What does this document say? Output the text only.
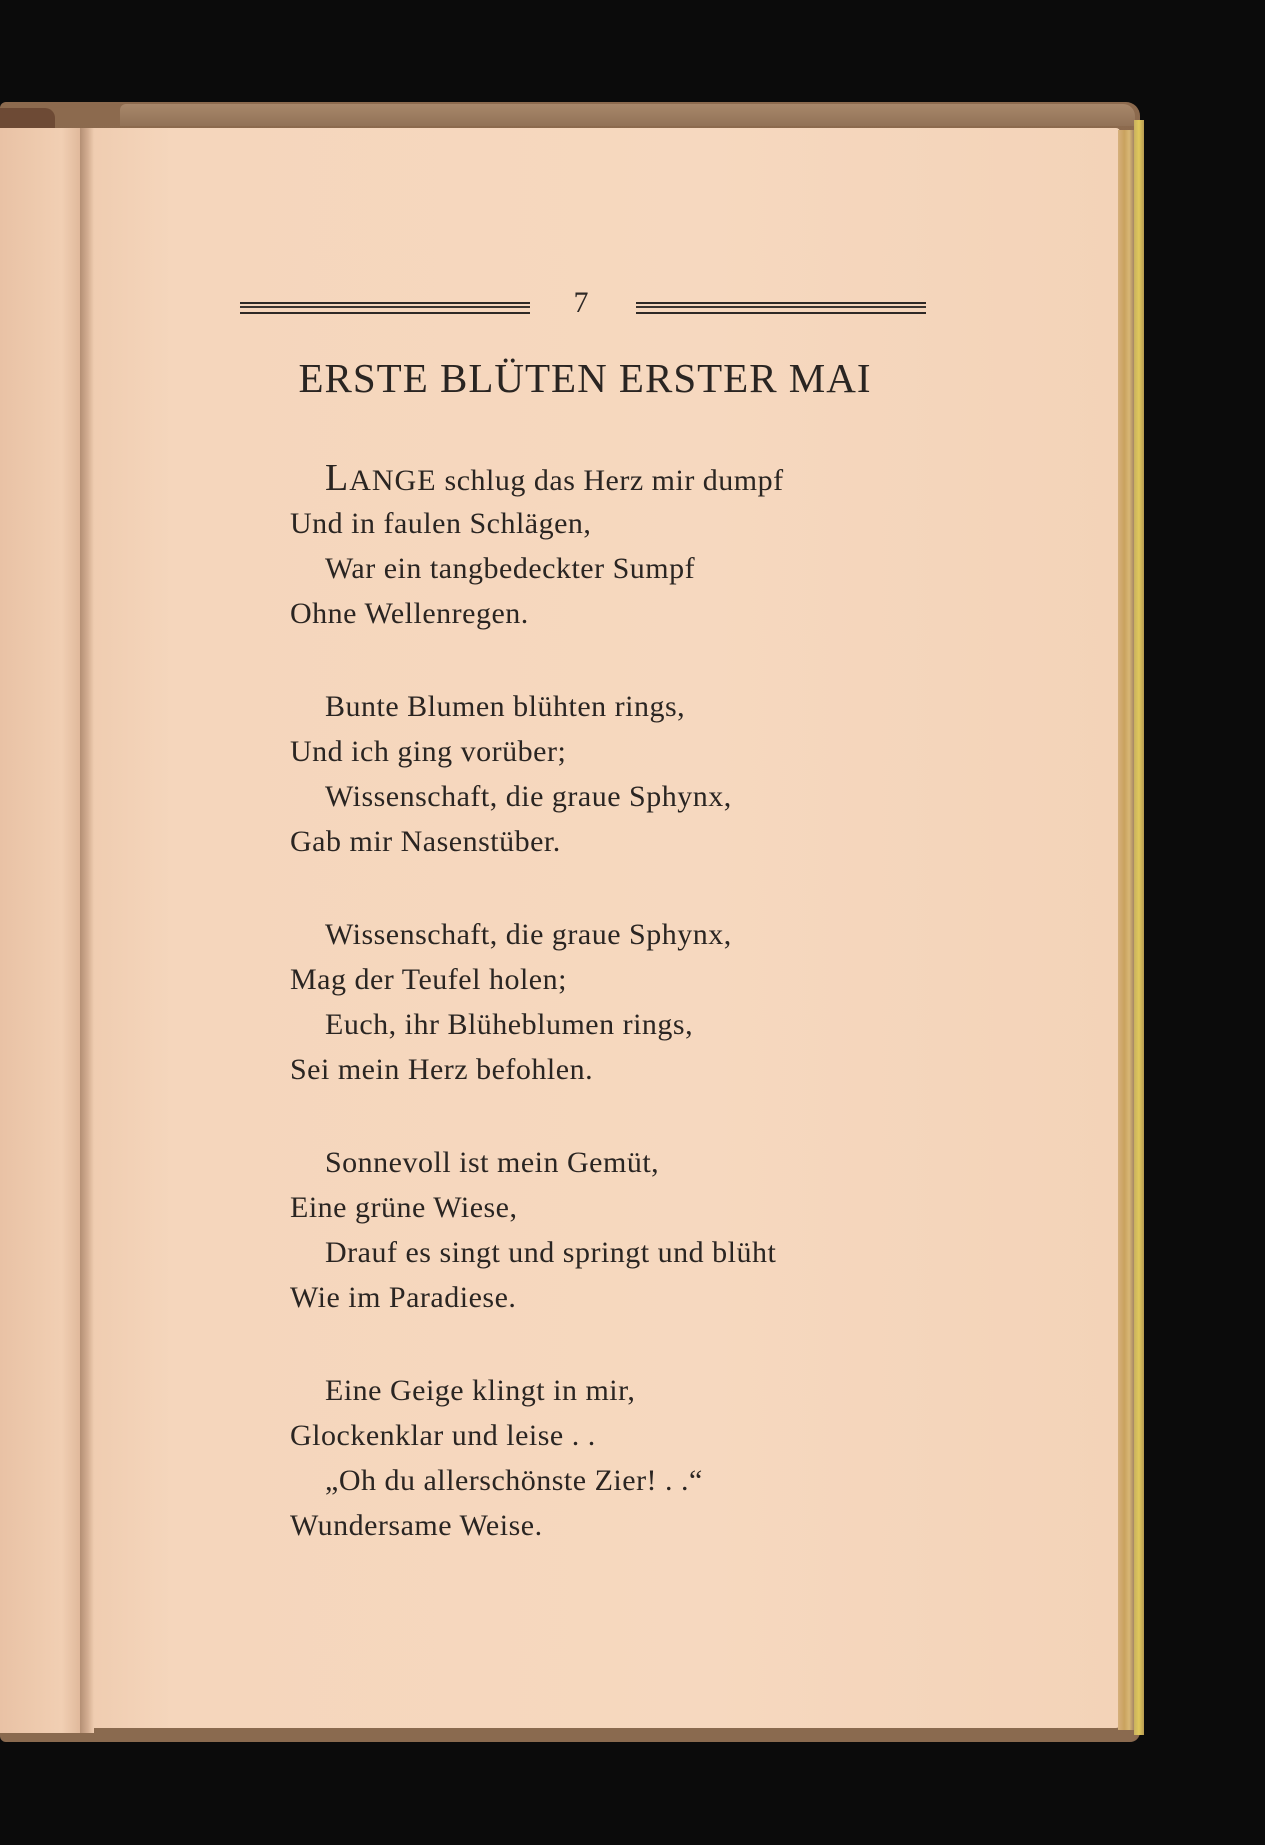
7
ERSTE BLÜTEN ERSTER MAI
LANGE schlug das Herz mir dumpf
Und in faulen Schlägen,
War ein tangbedeckter Sumpf
Ohne Wellenregen.
Bunte Blumen blühten rings,
Und ich ging vorüber;
Wissenschaft, die graue Sphynx,
Gab mir Nasenstüber.
Wissenschaft, die graue Sphynx,
Mag der Teufel holen;
Euch, ihr Blüheblumen rings,
Sei mein Herz befohlen.
Sonnevoll ist mein Gemüt,
Eine grüne Wiese,
Drauf es singt und springt und blüht
Wie im Paradiese.
Eine Geige klingt in mir,
Glockenklar und leise . .
„Oh du allerschönste Zier! . .“
Wundersame Weise.
